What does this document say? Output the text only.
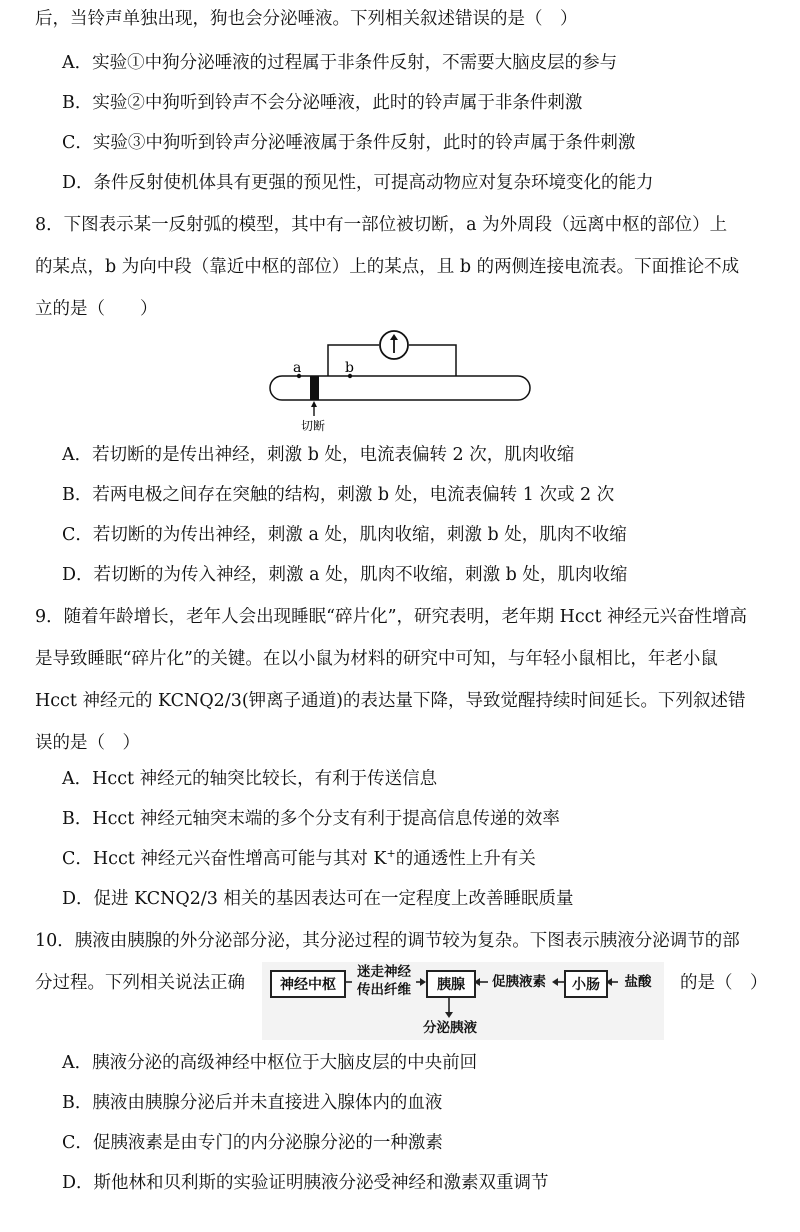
后，当铃声单独出现，狗也会分泌唾液。下列相关叙述错误的是（　）
A．实验①中狗分泌唾液的过程属于非条件反射，不需要大脑皮层的参与
B．实验②中狗听到铃声不会分泌唾液，此时的铃声属于非条件刺激
C．实验③中狗听到铃声分泌唾液属于条件反射，此时的铃声属于条件刺激
D．条件反射使机体具有更强的预见性，可提高动物应对复杂环境变化的能力
8．下图表示某一反射弧的模型，其中有一部位被切断，a 为外周段（远离中枢的部位）上
的某点，b 为向中段（靠近中枢的部位）上的某点，且 b 的两侧连接电流表。下面推论不成
立的是（　　）
a	b
切断
A．若切断的是传出神经，刺激 b 处，电流表偏转 2 次，肌肉收缩
B．若两电极之间存在突触的结构，刺激 b 处，电流表偏转 1 次或 2 次
C．若切断的为传出神经，刺激 a 处，肌肉收缩，刺激 b 处，肌肉不收缩
D．若切断的为传入神经，刺激 a 处，肌肉不收缩，刺激 b 处，肌肉收缩
9．随着年龄增长，老年人会出现睡眠“碎片化”，研究表明，老年期 Hcct 神经元兴奋性增高
是导致睡眠“碎片化”的关键。在以小鼠为材料的研究中可知，与年轻小鼠相比，年老小鼠
Hcct 神经元的 KCNQ2/3(钾离子通道)的表达量下降，导致觉醒持续时间延长。下列叙述错
误的是（　）
A．Hcct 神经元的轴突比较长，有利于传送信息
B．Hcct 神经元轴突末端的多个分支有利于提高信息传递的效率
C．Hcct 神经元兴奋性增高可能与其对 K+的通透性上升有关
D．促进 KCNQ2/3 相关的基因表达可在一定程度上改善睡眠质量
10．胰液由胰腺的外分泌部分泌，其分泌过程的调节较为复杂。下图表示胰液分泌调节的部
分过程。下列相关说法正确	的是（　）
神经中枢
迷走神经
传出纤维	胰腺	促胰液素	小肠	盐酸
分泌胰液
A．胰液分泌的高级神经中枢位于大脑皮层的中央前回
B．胰液由胰腺分泌后并未直接进入腺体内的血液
C．促胰液素是由专门的内分泌腺分泌的一种激素
D．斯他林和贝利斯的实验证明胰液分泌受神经和激素双重调节
